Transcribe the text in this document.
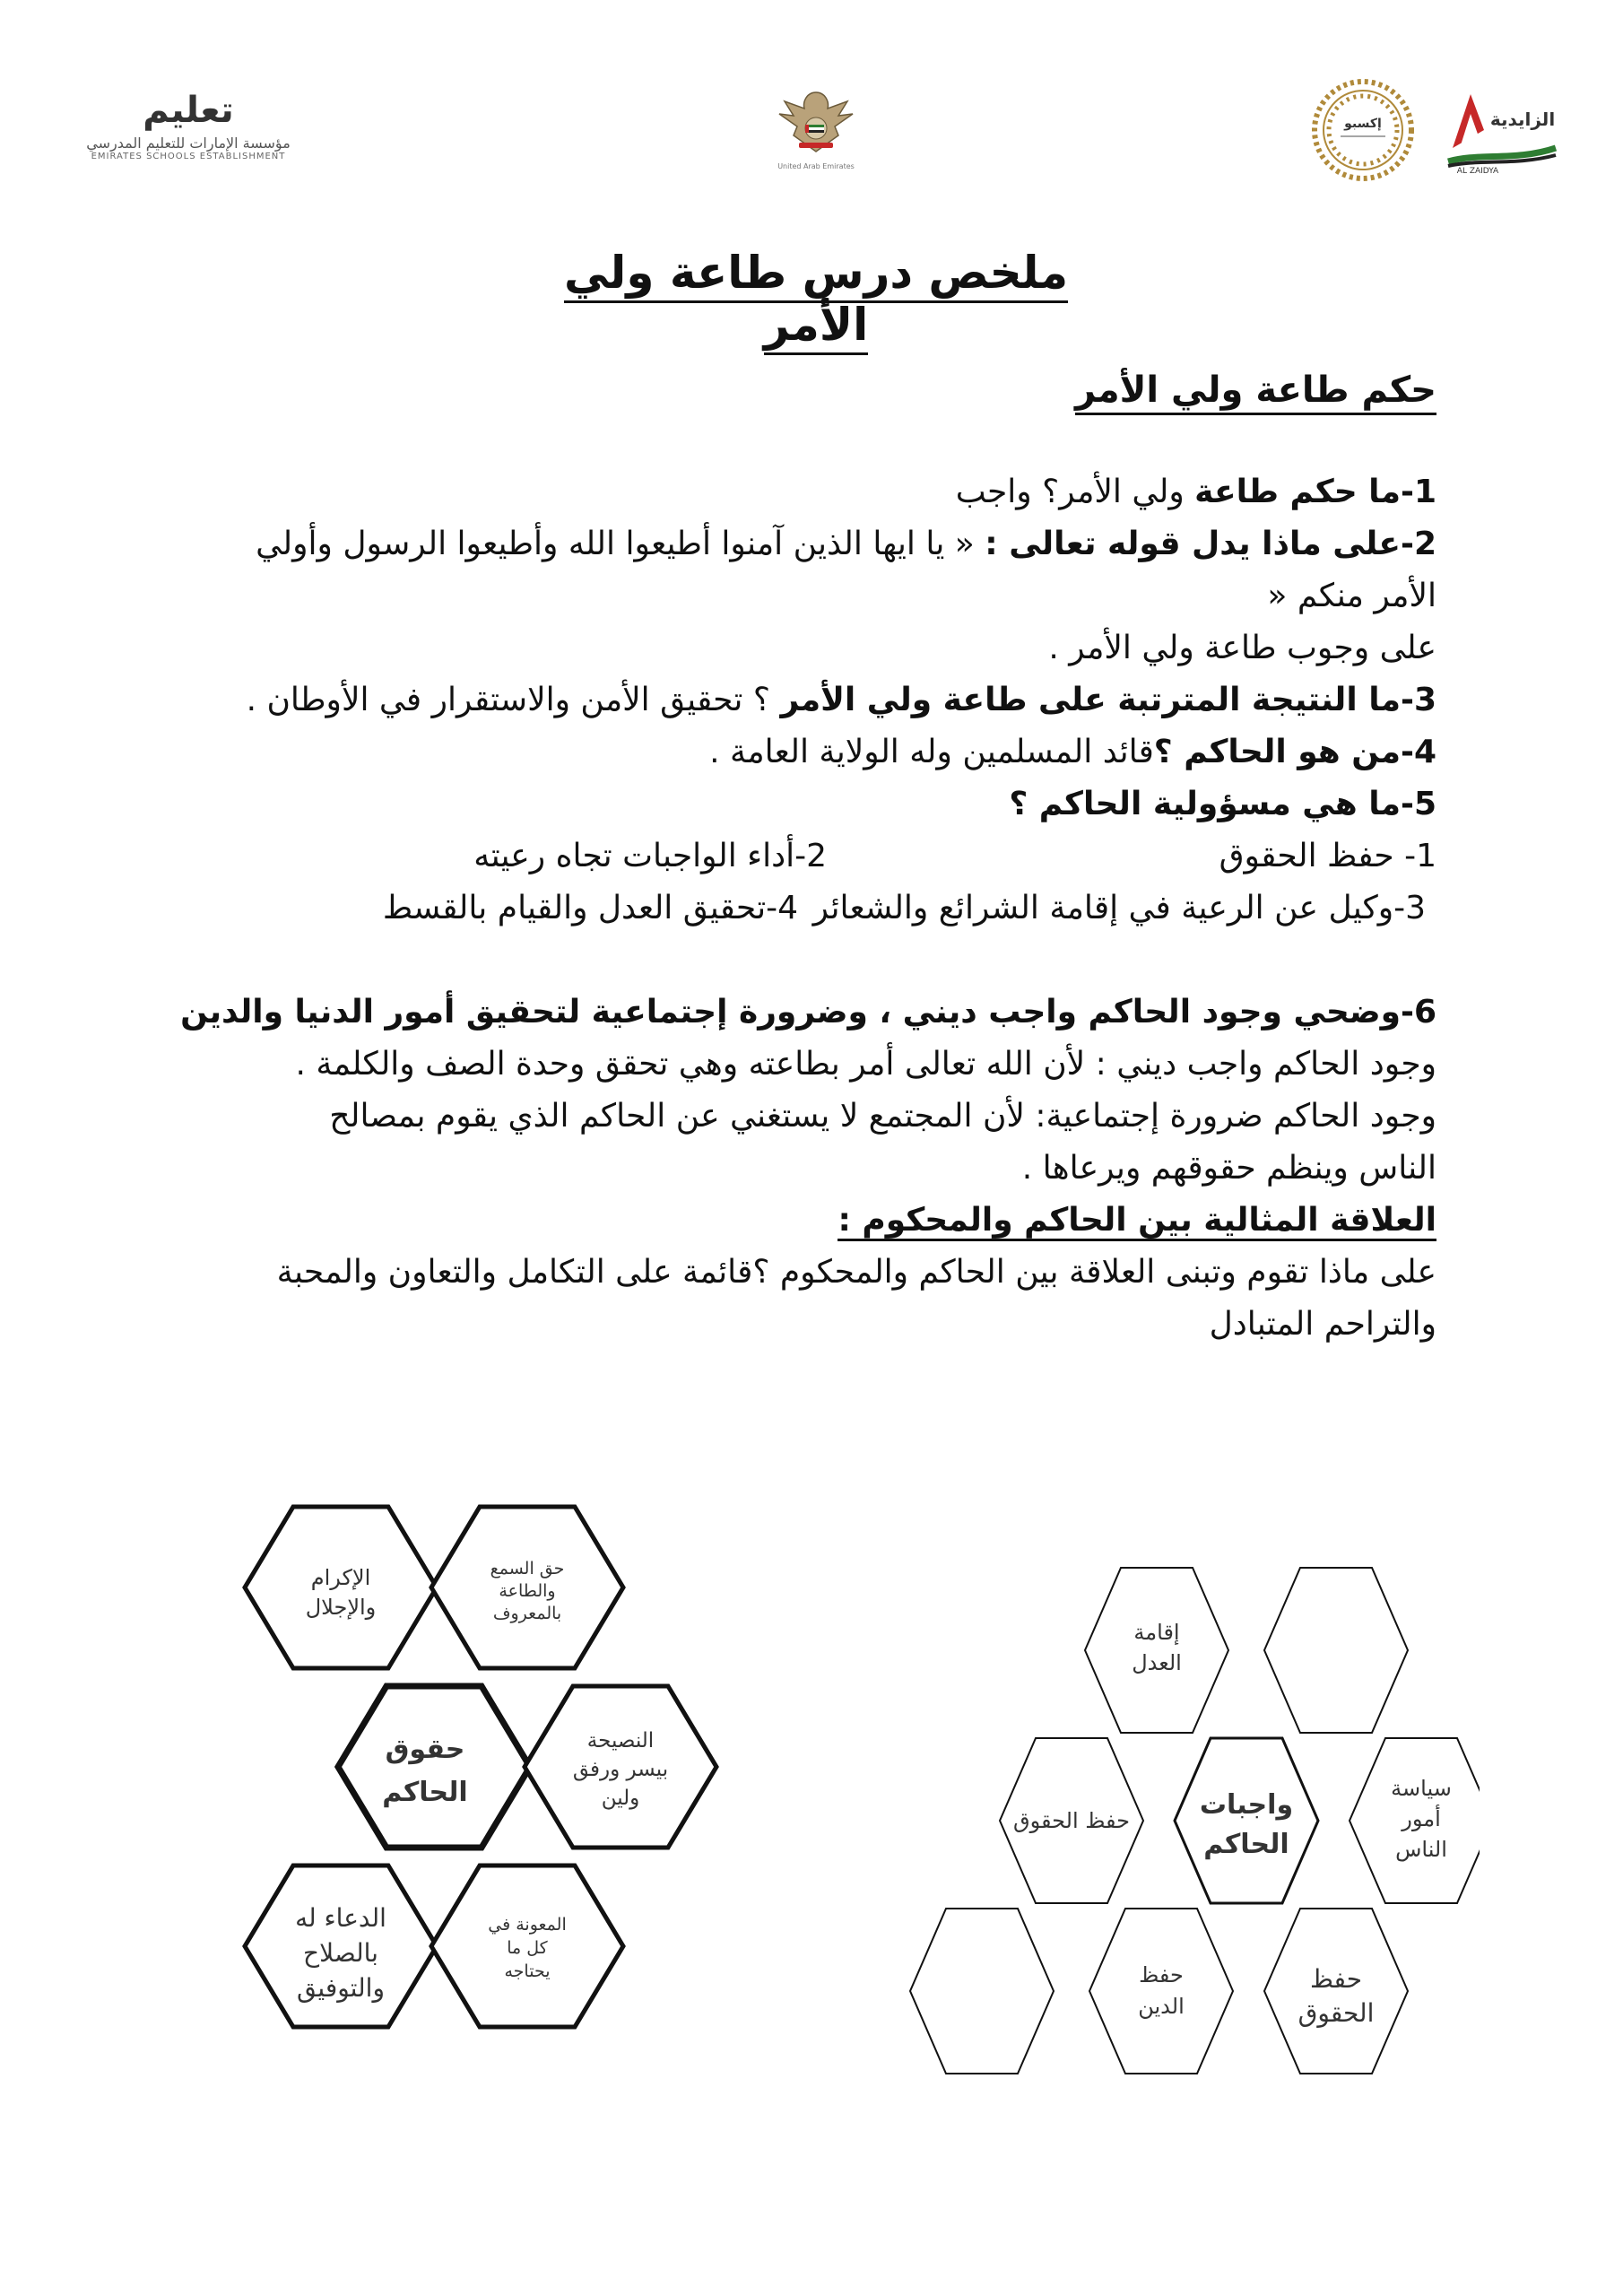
تعليم
مؤسسة الإمارات للتعليم المدرسي
EMIRATES SCHOOLS ESTABLISHMENT
United Arab Emirates
إكسبو	الزايدية
AL ZAIDYA
ملخص درس طاعة ولي الأمر
حكم طاعة ولي الأمر
1-ما حكم طاعة ولي الأمر؟ واجب
2-على ماذا يدل قوله تعالى : « يا ايها الذين آمنوا أطيعوا الله وأطيعوا الرسول وأولي
الأمر منكم «
على وجوب طاعة ولي الأمر .
3-ما النتيجة المترتبة على طاعة ولي الأمر ؟ تحقيق الأمن والاستقرار في الأوطان .
4-من هو الحاكم ؟قائد المسلمين وله الولاية العامة .
5-ما هي مسؤولية الحاكم ؟
1- حفظ الحقوق
2-أداء الواجبات تجاه رعيته
3-وكيل عن الرعية في إقامة الشرائع والشعائر
4-تحقيق العدل والقيام بالقسط
6-وضحي وجود الحاكم واجب ديني ، وضرورة إجتماعية لتحقيق أمور الدنيا والدين
وجود الحاكم واجب ديني : لأن الله تعالى أمر بطاعته وهي تحقق وحدة الصف والكلمة .
وجود الحاكم ضرورة إجتماعية: لأن المجتمع لا يستغني عن الحاكم الذي يقوم بمصالح
الناس وينظم حقوقهم ويرعاها .
العلاقة المثالية بين الحاكم والمحكوم :
على ماذا تقوم وتبنى العلاقة بين الحاكم والمحكوم ؟قائمة على التكامل والتعاون والمحبة
والتراحم المتبادل
الإكرام
والإجلال
حق السمع
والطاعة
بالمعروف
حقوق
الحاكم
النصيحة
بيسر ورفق
ولين
الدعاء له
بالصلاح
والتوفيق
المعونة في
كل ما
يحتاجه
إقامة
العدل
حفظ الحقوق	واجبات
الحاكم
سياسة
أمور
الناس
حفظ
الدين
حفظ
الحقوق
